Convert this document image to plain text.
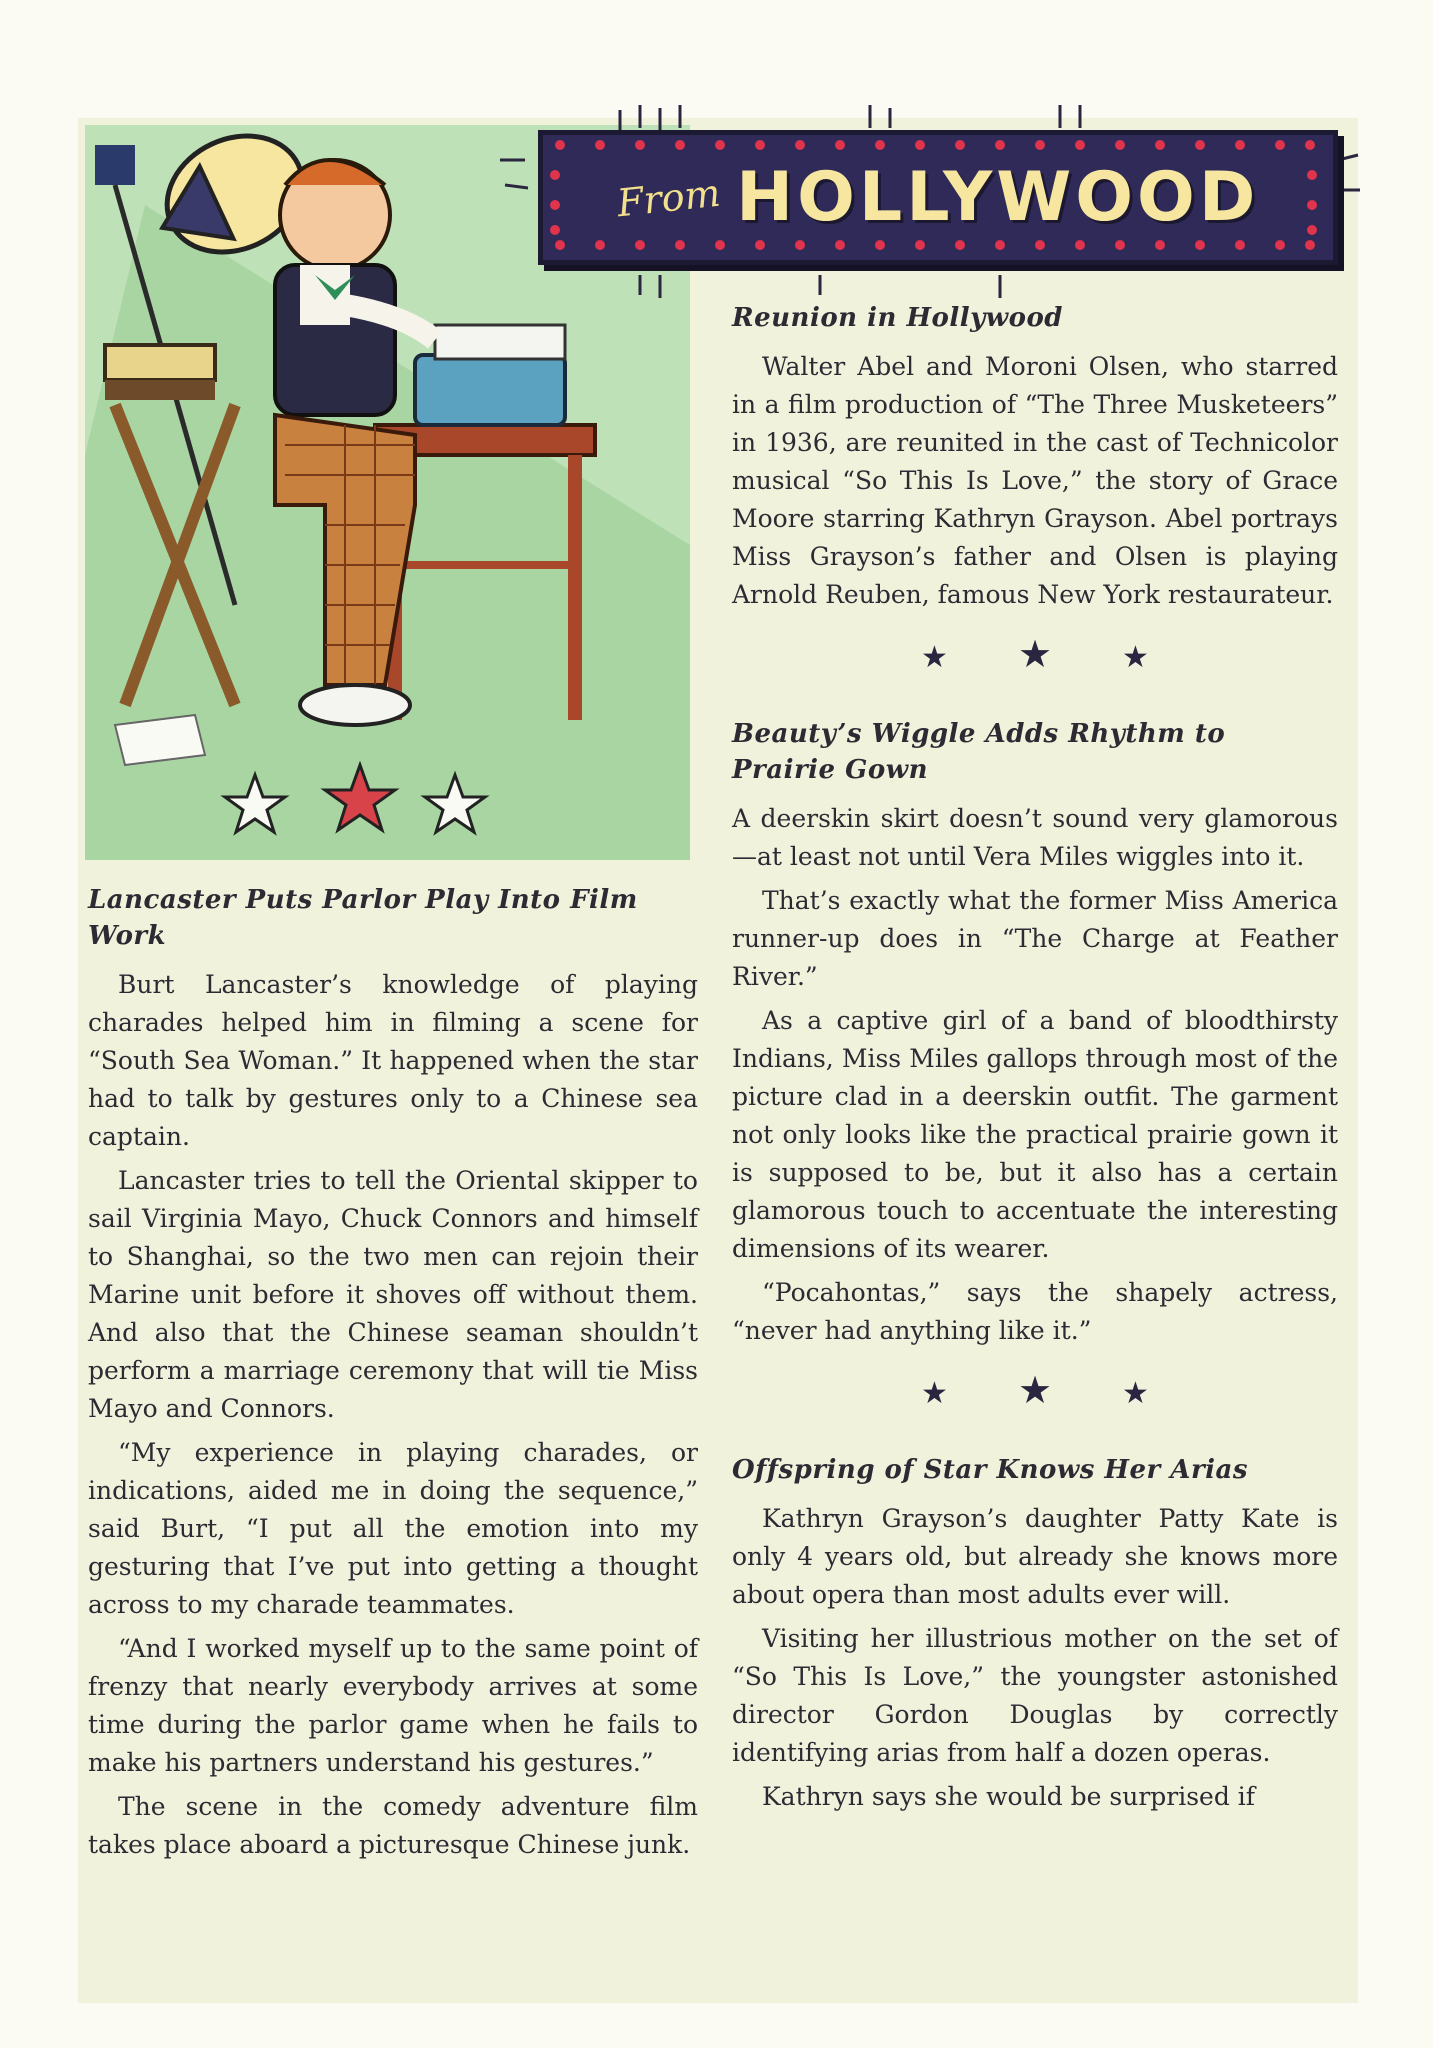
From HOLLYWOOD
Reunion in Hollywood

Walter Abel and Moroni Olsen, who starred in a film production of “The Three Musketeers” in 1936, are reunited in the cast of Technicolor musical “So This Is Love,” the story of Grace Moore starring Kathryn Grayson. Abel portrays Miss Grayson’s father and Olsen is playing Arnold Reuben, famous New York restaurateur.

★★★
Beauty’s Wiggle Adds Rhythm to Prairie Gown

A deerskin skirt doesn’t sound very glamorous—at least not until Vera Miles wiggles into it.

That’s exactly what the former Miss America runner-up does in “The Charge at Feather River.”

As a captive girl of a band of bloodthirsty Indians, Miss Miles gallops through most of the picture clad in a deerskin outfit. The garment not only looks like the practical prairie gown it is supposed to be, but it also has a certain glamorous touch to accentuate the interesting dimensions of its wearer.

“Pocahontas,” says the shapely actress, “never had anything like it.”

★★★
Offspring of Star Knows Her Arias

Kathryn Grayson’s daughter Patty Kate is only 4 years old, but already she knows more about opera than most adults ever will.

Visiting her illustrious mother on the set of “So This Is Love,” the youngster astonished director Gordon Douglas by correctly identifying arias from half a dozen operas.

Kathryn says she would be surprised if

Lancaster Puts Parlor Play Into Film Work

Burt Lancaster’s knowledge of playing charades helped him in filming a scene for “South Sea Woman.” It happened when the star had to talk by gestures only to a Chinese sea captain.

Lancaster tries to tell the Oriental skipper to sail Virginia Mayo, Chuck Connors and himself to Shanghai, so the two men can rejoin their Marine unit before it shoves off without them. And also that the Chinese seaman shouldn’t perform a marriage ceremony that will tie Miss Mayo and Connors.

“My experience in playing charades, or indications, aided me in doing the sequence,” said Burt, “I put all the emotion into my gesturing that I’ve put into getting a thought across to my charade teammates.

“And I worked myself up to the same point of frenzy that nearly everybody arrives at some time during the parlor game when he fails to make his partners understand his gestures.”

The scene in the comedy adventure film takes place aboard a picturesque Chinese junk.
